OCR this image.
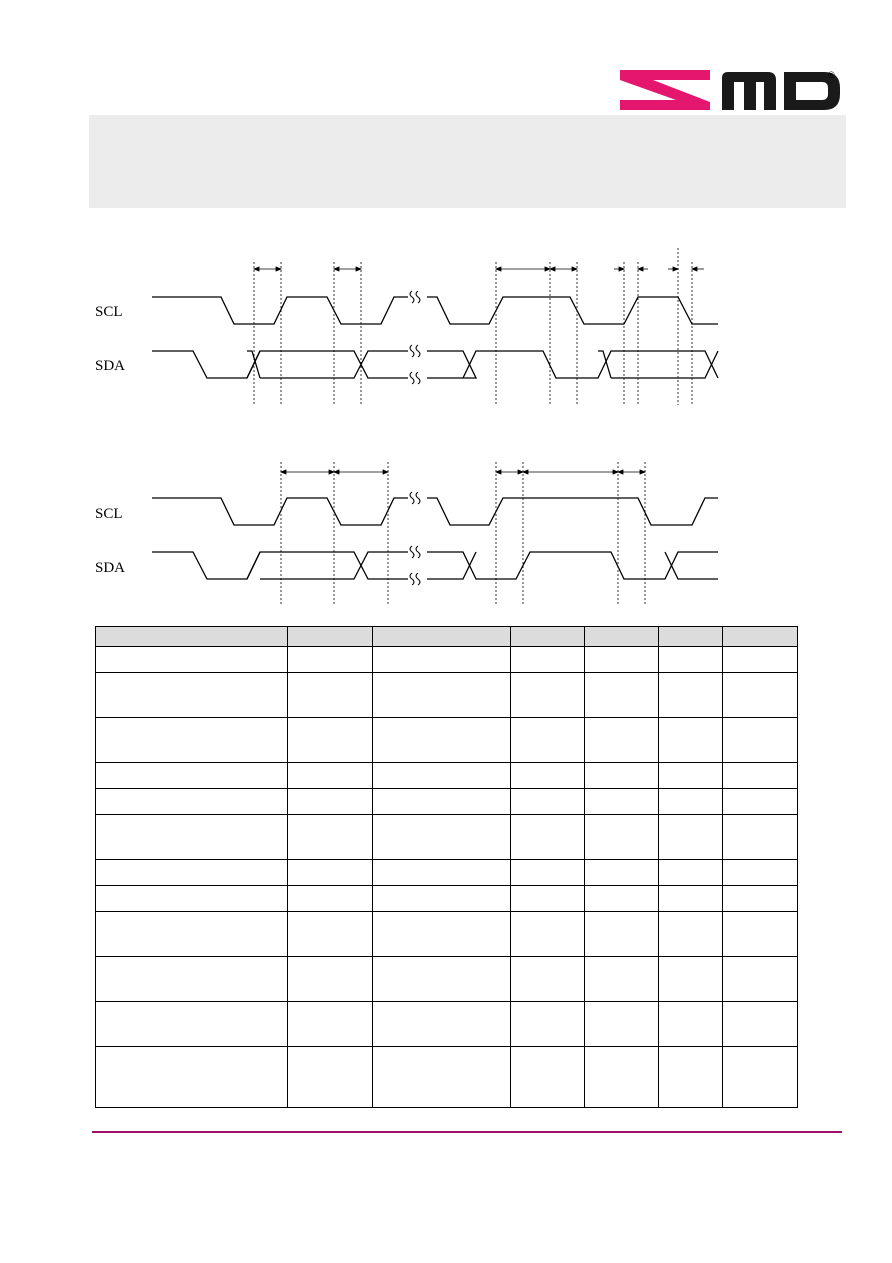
®
SCL
SDA
SCL
SDA
